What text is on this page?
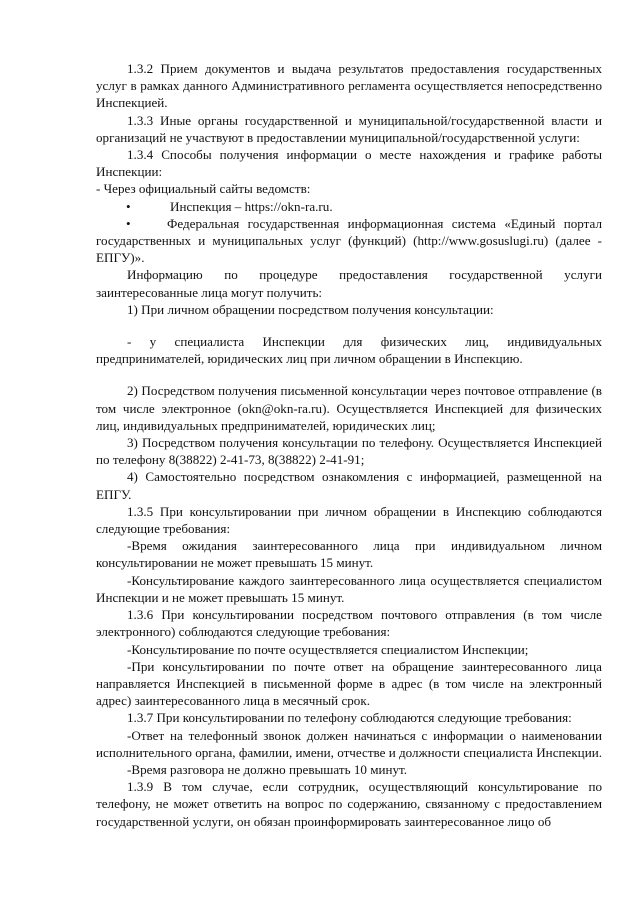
1.3.2 Прием документов и выдача результатов предоставления государственных услуг в рамках данного Административного регламента осуществляется непосредственно Инспекцией.

1.3.3 Иные органы государственной и муниципальной/государственной власти и организаций не участвуют в предоставлении муниципальной/государственной услуги:

1.3.4 Способы получения информации о месте нахождения и графике работы Инспекции:

- Через официальный сайты ведомств:

•	Инспекция – https://okn-ra.ru.

•	Федеральная государственная информационная система «Единый портал государственных и муниципальных услуг (функций) (http://www.gosuslugi.ru) (далее - ЕПГУ)».

Информацию по процедуре предоставления государственной услуги заинтересованные лица могут получить:

1) При личном обращении посредством получения консультации:

- у специалиста Инспекции для физических лиц, индивидуальных предпринимателей, юридических лиц при личном обращении в Инспекцию.

2) Посредством получения письменной консультации через почтовое отправление (в том числе электронное (okn@okn-ra.ru). Осуществляется Инспекцией для физических лиц, индивидуальных предпринимателей, юридических лиц;

3) Посредством получения консультации по телефону. Осуществляется Инспекцией по телефону 8(38822) 2-41-73, 8(38822) 2-41-91;

4) Самостоятельно посредством ознакомления с информацией, размещенной на ЕПГУ.

1.3.5 При консультировании при личном обращении в Инспекцию соблюдаются следующие требования:

-Время ожидания заинтересованного лица при индивидуальном личном консультировании не может превышать 15 минут.

-Консультирование каждого заинтересованного лица осуществляется специалистом Инспекции и не может превышать 15 минут.

1.3.6 При консультировании посредством почтового отправления (в том числе электронного) соблюдаются следующие требования:

-Консультирование по почте осуществляется специалистом Инспекции;

-При консультировании по почте ответ на обращение заинтересованного лица направляется Инспекцией в письменной форме в адрес (в том числе на электронный адрес) заинтересованного лица в месячный срок.

1.3.7 При консультировании по телефону соблюдаются следующие требования:

-Ответ на телефонный звонок должен начинаться с информации о наименовании исполнительного органа, фамилии, имени, отчестве и должности специалиста Инспекции.

-Время разговора не должно превышать 10 минут.

1.3.9 В том случае, если сотрудник, осуществляющий консультирование по телефону, не может ответить на вопрос по содержанию, связанному с предоставлением государственной услуги, он обязан проинформировать заинтересованное лицо об
